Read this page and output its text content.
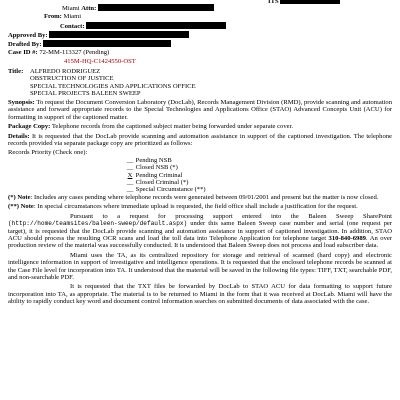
ITS
Miami Attn:
From: Miami
Contact:
Approved By:
Drafted By:
Case ID #: 72-MM-113327 (Pending)
415M-HQ-C1424550-OST
Title: ALFREDO RODRIGUEZ
OBSTRUCTION OF JUSTICE
SPECIAL TECHNOLOGIES AND APPLICATIONS OFFICE
SPECIAL PROJECTS BALEEN SWEEP

Synopsis: To request the Document Conversion Laboratory (DocLab), Records Management Division (RMD), provide scanning and automation assistance and forward appropriate records to the Special Technologies and Applications Office (STAO) Advanced Concepts Unit (ACU) for formatting in support of the captioned matter.

Package Copy: Telephone records from the captioned subject matter being forwarded under separate cover.

Details: It is requested that the DocLab provide scanning and automation assistance in support of the captioned investigation. The telephone records provided via separate package copy are prioritized as follows:

Records Priority (Check one):
__ Pending NSB
__ Closed NSB (*)
X Pending Criminal
__ Closed Criminal (*)
__ Special Circumstance (**)

(*) Note: Includes any cases pending where telephone records were generated between 09/01/2001 and present but the matter is now closed.

(**) Note: In special circumstances where immediate upload is requested, the field office shall include a justification for the request.

Pursuant to a request for processing support entered into the Baleen Sweep SharePoint (http://home/teamsites/baleen-sweep/default.aspx) under this same Baleen Sweep case number and serial (one request per target), it is requested that the DocLab provide scanning and automation assistance in support of captioned investigation. In addition, STAO ACU should process the resulting OCR scans and load the toll data into Telephone Application for telephone target 310-840-6989. An over production review of the material was successfully conducted. It is understood that Baleen Sweep does not process and load subscriber data.

Miami uses the TA, as its centralized repository for storage and retrieval of scanned (hard copy) and electronic intelligence information in support of investigative and intelligence operations. It is requested that the enclosed telephone records be scanned at the Case File level for incorporation into TA. It understood that the material will be saved in the following file types: TIFF, TXT, searchable PDF, and non-searchable PDF.

It is requested that the TXT files be forwarded by DocLab to STAO ACU for data formatting to support future incorporation into TA, as appropriate. The material is to be returned to Miami in the form that it was received at DocLab. Miami will have the ability to rapidly conduct key word and document control information searches on submitted documents of data associated with the case.
